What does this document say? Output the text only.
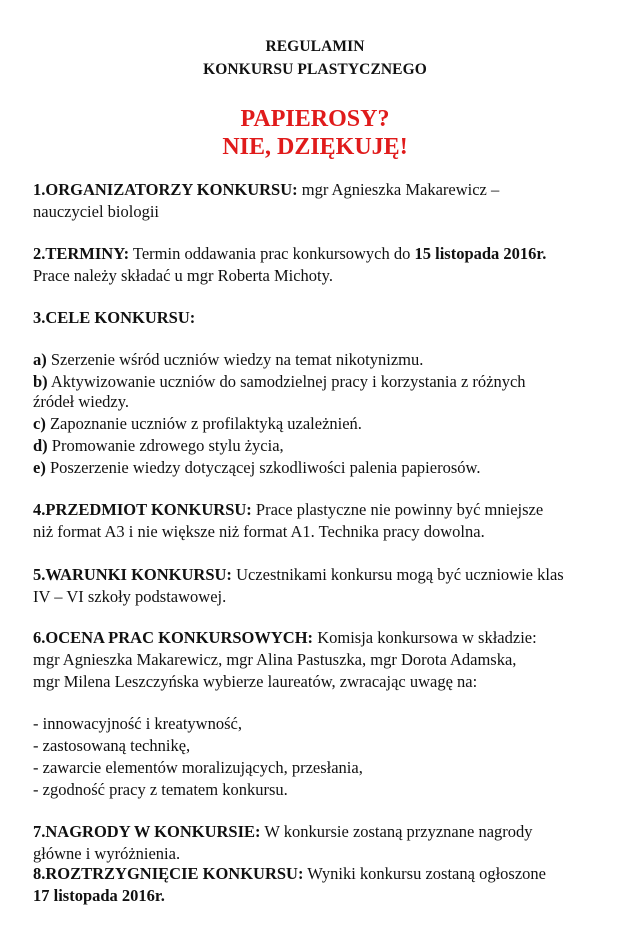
REGULAMIN
KONKURSU PLASTYCZNEGO
PAPIEROSY?
NIE, DZIĘKUJĘ!
1.ORGANIZATORZY KONKURSU: mgr Agnieszka Makarewicz –
nauczyciel biologii
2.TERMINY: Termin oddawania prac konkursowych do 15 listopada 2016r.
Prace należy składać u mgr Roberta Michoty.
3.CELE KONKURSU:
a) Szerzenie wśród uczniów wiedzy na temat nikotynizmu.
b) Aktywizowanie uczniów do samodzielnej pracy i korzystania z różnych
źródeł wiedzy.
c) Zapoznanie uczniów z profilaktyką uzależnień.
d) Promowanie zdrowego stylu życia,
e) Poszerzenie wiedzy dotyczącej szkodliwości palenia papierosów.
4.PRZEDMIOT KONKURSU: Prace plastyczne nie powinny być mniejsze
niż format A3 i nie większe niż format A1. Technika pracy dowolna.
5.WARUNKI KONKURSU: Uczestnikami konkursu mogą być uczniowie klas
IV – VI szkoły podstawowej.
6.OCENA PRAC KONKURSOWYCH: Komisja konkursowa w składzie:
mgr Agnieszka Makarewicz, mgr Alina Pastuszka, mgr Dorota Adamska,
mgr Milena Leszczyńska wybierze laureatów, zwracając uwagę na:
- innowacyjność i kreatywność,
- zastosowaną technikę,
- zawarcie elementów moralizujących, przesłania,
- zgodność pracy z tematem konkursu.
7.NAGRODY W KONKURSIE: W konkursie zostaną przyznane nagrody
główne i wyróżnienia.
8.ROZTRZYGNIĘCIE KONKURSU: Wyniki konkursu zostaną ogłoszone
17 listopada 2016r.
